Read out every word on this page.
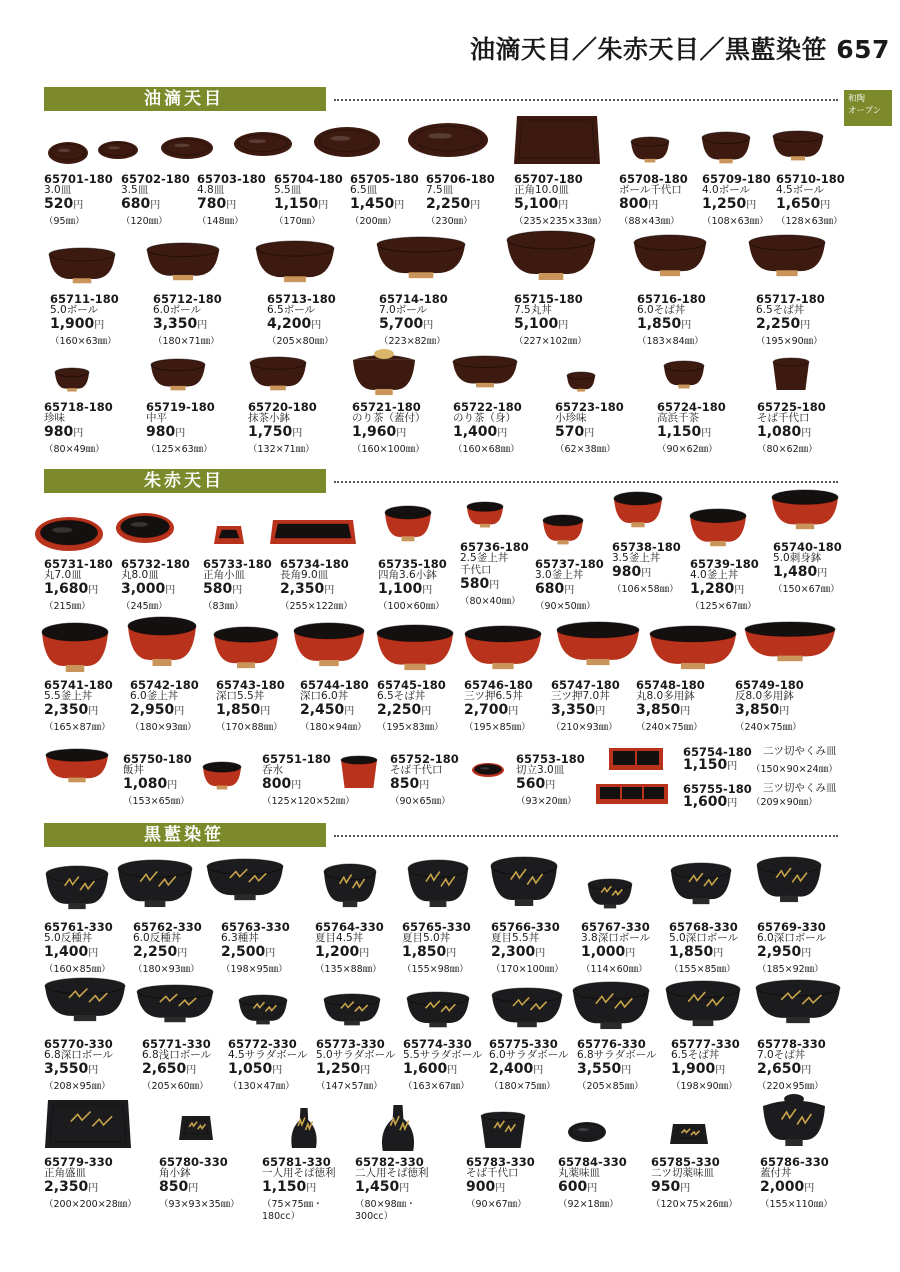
油滴天目／朱赤天目／黒藍染笹 657
和陶
オープン
油滴天目
朱赤天目
黒藍染笹
65701-180
3.0皿
520円
（95㎜）
65702-180
3.5皿
680円
（120㎜）
65703-180
4.8皿
780円
（148㎜）
65704-180
5.5皿
1,150円
（170㎜）
65705-180
6.5皿
1,450円
（200㎜）
65706-180
7.5皿
2,250円
（230㎜）
65707-180
正角10.0皿
5,100円
（235×235×33㎜）
65708-180
ボール千代口
800円
（88×43㎜）
65709-180
4.0ボール
1,250円
（108×63㎜）
65710-180
4.5ボール
1,650円
（128×63㎜）
65711-180
5.0ボール
1,900円
（160×63㎜）
65712-180
6.0ボール
3,350円
（180×71㎜）
65713-180
6.5ボール
4,200円
（205×80㎜）
65714-180
7.0ボール
5,700円
（223×82㎜）
65715-180
7.5丸丼
5,100円
（227×102㎜）
65716-180
6.0そば丼
1,850円
（183×84㎜）
65717-180
6.5そば丼
2,250円
（195×90㎜）
65718-180
珍味
980円
（80×49㎜）
65719-180
中平
980円
（125×63㎜）
65720-180
抹茶小鉢
1,750円
（132×71㎜）
65721-180
のり茶（蓋付）
1,960円
（160×100㎜）
65722-180
のり茶（身）
1,400円
（160×68㎜）
65723-180
小珍味
570円
（62×38㎜）
65724-180
高浜千茶
1,150円
（90×62㎜）
65725-180
そば千代口
1,080円
（80×62㎜）
65731-180
丸7.0皿
1,680円
（215㎜）
65732-180
丸8.0皿
3,000円
（245㎜）
65733-180
正角小皿
580円
（83㎜）
65734-180
長角9.0皿
2,350円
（255×122㎜）
65735-180
四角3.6小鉢
1,100円
（100×60㎜）
65736-180
2.5釜上丼
千代口
580円
（80×40㎜）
65737-180
3.0釜上丼
680円
（90×50㎜）
65738-180
3.5釜上丼
980円
（106×58㎜）
65739-180
4.0釜上丼
1,280円
（125×67㎜）
65740-180
5.0刺身鉢
1,480円
（150×67㎜）
65741-180
5.5釜上丼
2,350円
（165×87㎜）
65742-180
6.0釜上丼
2,950円
（180×93㎜）
65743-180
深口5.5丼
1,850円
（170×88㎜）
65744-180
深口6.0丼
2,450円
（180×94㎜）
65745-180
6.5そば丼
2,250円
（195×83㎜）
65746-180
三ツ押6.5丼
2,700円
（195×85㎜）
65747-180
三ツ押7.0丼
3,350円
（210×93㎜）
65748-180
丸8.0多用鉢
3,850円
（240×75㎜）
65749-180
反8.0多用鉢
3,850円
（240×75㎜）
65750-180
飯丼
1,080円
（153×65㎜）
65751-180
呑水
800円
（125×120×52㎜）
65752-180
そば千代口
850円
（90×65㎜）
65753-180
切立3.0皿
560円
（93×20㎜）
65754-180 二ツ切やくみ皿
1,150円 （150×90×24㎜）
65755-180 三ツ切やくみ皿
1,600円 （209×90㎜）
65761-330
5.0反種丼
1,400円
（160×85㎜）
65762-330
6.0反種丼
2,250円
（180×93㎜）
65763-330
6.3種丼
2,500円
（198×95㎜）
65764-330
夏目4.5丼
1,200円
（135×88㎜）
65765-330
夏目5.0丼
1,850円
（155×98㎜）
65766-330
夏目5.5丼
2,300円
（170×100㎜）
65767-330
3.8深口ボール
1,000円
（114×60㎜）
65768-330
5.0深口ボール
1,850円
（155×85㎜）
65769-330
6.0深口ボール
2,950円
（185×92㎜）
65770-330
6.8深口ボール
3,550円
（208×95㎜）
65771-330
6.8浅口ボール
2,650円
（205×60㎜）
65772-330
4.5サラダボール
1,050円
（130×47㎜）
65773-330
5.0サラダボール
1,250円
（147×57㎜）
65774-330
5.5サラダボール
1,600円
（163×67㎜）
65775-330
6.0サラダボール
2,400円
（180×75㎜）
65776-330
6.8サラダボール
3,550円
（205×85㎜）
65777-330
6.5そば丼
1,900円
（198×90㎜）
65778-330
7.0そば丼
2,650円
（220×95㎜）
65779-330
正角盛皿
2,350円
（200×200×28㎜）
65780-330
角小鉢
850円
（93×93×35㎜）
65781-330
一人用そば徳利
1,150円
（75×75㎜・
180cc）
65782-330
二人用そば徳利
1,450円
（80×98㎜・
300cc）
65783-330
そば千代口
900円
（90×67㎜）
65784-330
丸薬味皿
600円
（92×18㎜）
65785-330
二ツ切薬味皿
950円
（120×75×26㎜）
65786-330
蓋付丼
2,000円
（155×110㎜）
